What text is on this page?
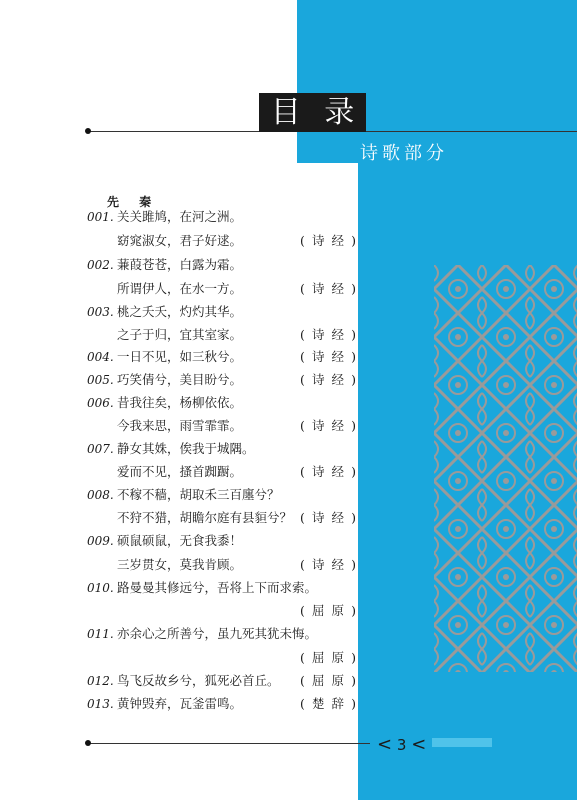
目 录
诗歌部分
先 秦
001. 关关雎鸠，在河之洲。
窈窕淑女，君子好逑。	( 诗 经 )
002. 蒹葭苍苍，白露为霜。
所谓伊人，在水一方。	( 诗 经 )
003. 桃之夭夭，灼灼其华。
之子于归，宜其室家。	( 诗 经 )
004. 一日不见，如三秋兮。	( 诗 经 )
005. 巧笑倩兮，美目盼兮。	( 诗 经 )
006. 昔我往矣，杨柳依依。
今我来思，雨雪霏霏。	( 诗 经 )
007. 静女其姝，俟我于城隅。
爱而不见，搔首踟蹰。	( 诗 经 )
008. 不稼不穑，胡取禾三百廛兮？
不狩不猎，胡瞻尔庭有县貆兮？ ( 诗 经 )
009. 硕鼠硕鼠，无食我黍！
三岁贯女，莫我肯顾。	( 诗 经 )
010. 路曼曼其修远兮，吾将上下而求索。
( 屈 原 )
011. 亦余心之所善兮，虽九死其犹未悔。
( 屈 原 )
012. 鸟飞反故乡兮，狐死必首丘。 ( 屈 原 )
013. 黄钟毁弃，瓦釜雷鸣。	( 楚 辞 )
< 3 <
